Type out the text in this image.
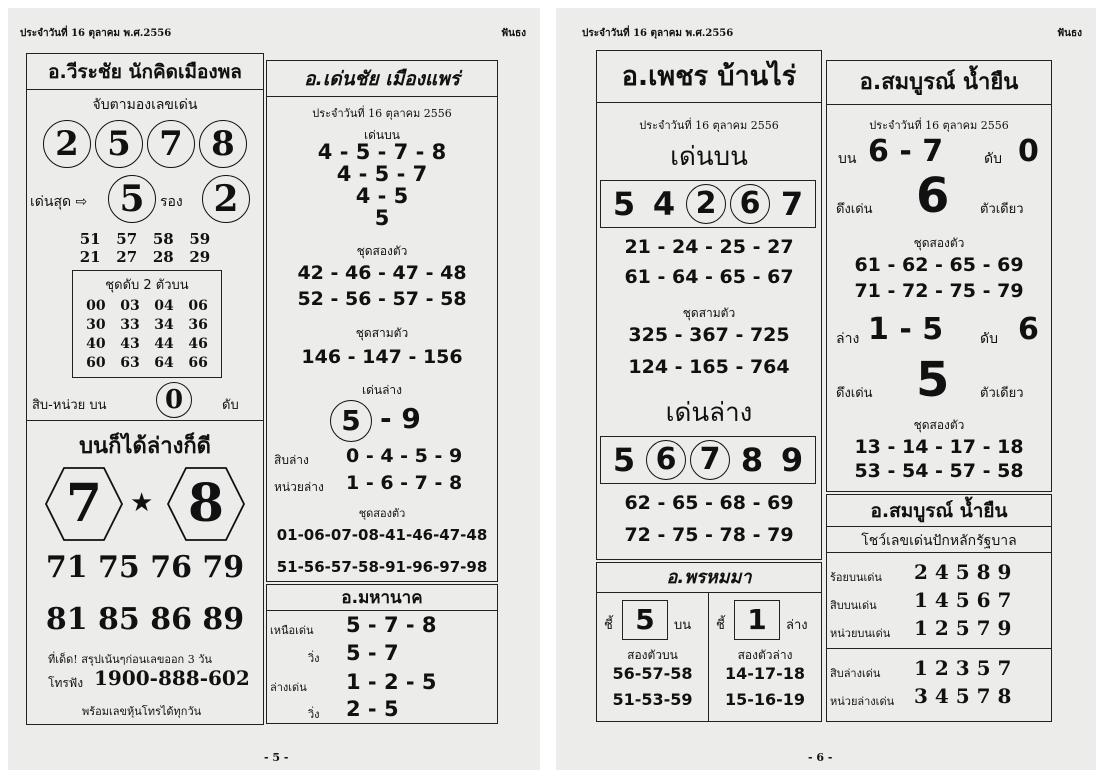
ประจำวันที่ 16 ตุลาคม พ.ศ.2556	ฟันธง
อ.วีระชัย นักคิดเมืองพล
จับตามองเลขเด่น
2 5 7 8
เด่นสุด ⇨ 5	รอง 2
51   57   58   59
21   27   28   29
ชุดดับ 2 ตัวบน
00   03   04   06
30   33   34   36
40   43   44   46
60   63   64   66
สิบ-หน่วย บน	0	ดับ
บนก็ได้ล่างก็ดี
7	★ 8
71 75 76 79
81 85 86 89
ที่เด็ด! สรุปเน้นๆก่อนเลขออก 3 วัน
โทรฟัง 1900-888-602
พร้อมเลขหุ้นโทรได้ทุกวัน
อ.เด่นชัย เมืองแพร่
ประจำวันที่ 16 ตุลาคม 2556
เด่นบน
4 - 5 - 7 - 8
4 - 5 - 7
4 - 5
5
ชุดสองตัว
42 - 46 - 47 - 48
52 - 56 - 57 - 58
ชุดสามตัว
146 - 147 - 156
เด่นล่าง
5 - 9
สิบล่าง 0 - 4 - 5 - 9
หน่วยล่าง 1 - 6 - 7 - 8
ชุดสองตัว
01-06-07-08-41-46-47-48
51-56-57-58-91-96-97-98
อ.มหานาค
เหนือเด่น 5 - 7 - 8
วิ่ง 5 - 7
ล่างเด่น 1 - 2 - 5
วิ่ง 2 - 5
- 5 -
ประจำวันที่ 16 ตุลาคม พ.ศ.2556	ฟันธง
อ.เพชร บ้านไร่
ประจำวันที่ 16 ตุลาคม 2556
เด่นบน
5 4 2 6 7
21 - 24 - 25 - 27
61 - 64 - 65 - 67
ชุดสามตัว
325 - 367 - 725
124 - 165 - 764
เด่นล่าง
5 6 7 8 9
62 - 65 - 68 - 69
72 - 75 - 78 - 79
อ.พรหมมา
ชี้ 5	บน ชี้ 1	ล่าง
สองตัวบน	สองตัวล่าง
56-57-58
51-53-59
14-17-18
15-16-19
อ.สมบูรณ์ น้ำยืน
ประจำวันที่ 16 ตุลาคม 2556
บน 6 - 7	ดับ 0
ดึงเด่น 6 ตัวเดียว
ชุดสองตัว
61 - 62 - 65 - 69
71 - 72 - 75 - 79
ล่าง 1 - 5	ดับ 6
ดึงเด่น 5 ตัวเดียว
ชุดสองตัว
13 - 14 - 17 - 18
53 - 54 - 57 - 58
อ.สมบูรณ์ น้ำยืน
โชว์เลขเด่นปักหลักรัฐบาล
ร้อยบนเด่น 2 4 5 8 9
สิบบนเด่น 1 4 5 6 7
หน่วยบนเด่น 1 2 5 7 9
สิบล่างเด่น 1 2 3 5 7
หน่วยล่างเด่น 3 4 5 7 8
- 6 -
